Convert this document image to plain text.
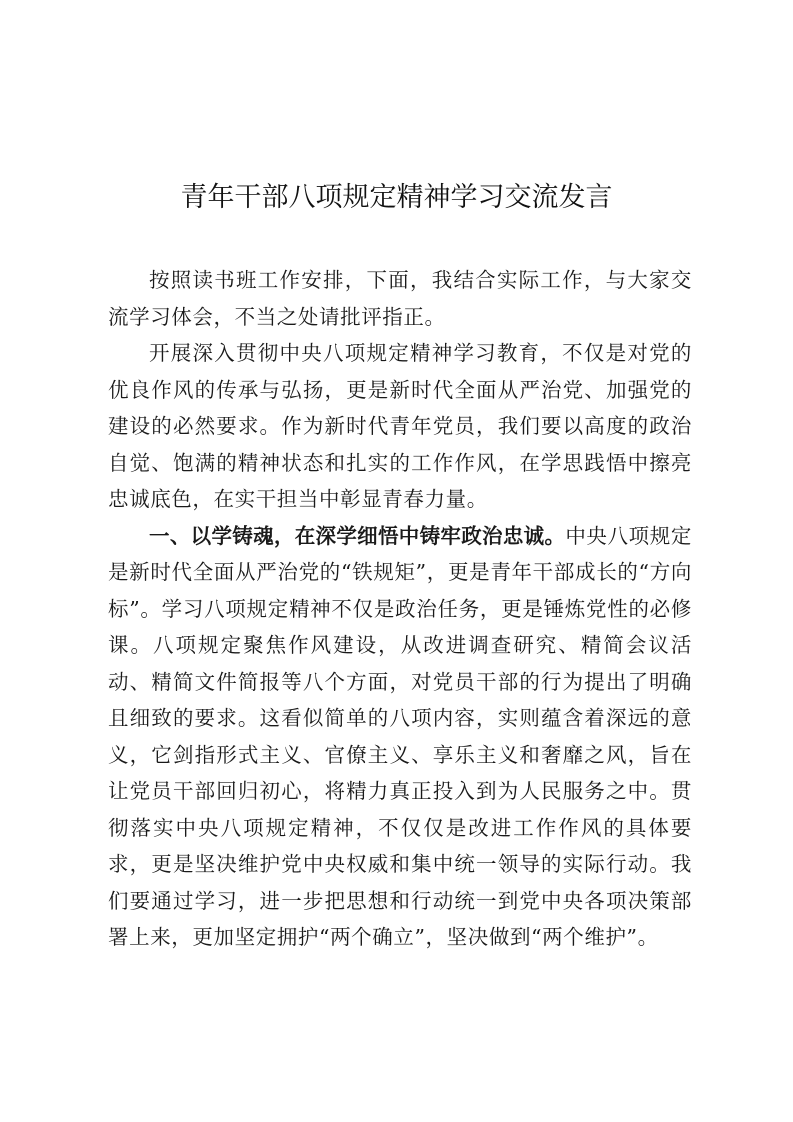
青年干部八项规定精神学习交流发言

按照读书班工作安排，下面，我结合实际工作，与大家交流学习体会，不当之处请批评指正。

开展深入贯彻中央八项规定精神学习教育，不仅是对党的优良作风的传承与弘扬，更是新时代全面从严治党、加强党的建设的必然要求。作为新时代青年党员，我们要以高度的政治自觉、饱满的精神状态和扎实的工作作风，在学思践悟中擦亮忠诚底色，在实干担当中彰显青春力量。

一、以学铸魂，在深学细悟中铸牢政治忠诚。中央八项规定是新时代全面从严治党的“铁规矩”，更是青年干部成长的“方向标”。学习八项规定精神不仅是政治任务，更是锤炼党性的必修课。八项规定聚焦作风建设，从改进调查研究、精简会议活动、精简文件简报等八个方面，对党员干部的行为提出了明确且细致的要求。这看似简单的八项内容，实则蕴含着深远的意义，它剑指形式主义、官僚主义、享乐主义和奢靡之风，旨在让党员干部回归初心，将精力真正投入到为人民服务之中。贯彻落实中央八项规定精神，不仅仅是改进工作作风的具体要求，更是坚决维护党中央权威和集中统一领导的实际行动。我们要通过学习，进一步把思想和行动统一到党中央各项决策部署上来，更加坚定拥护“两个确立”，坚决做到“两个维护”。
